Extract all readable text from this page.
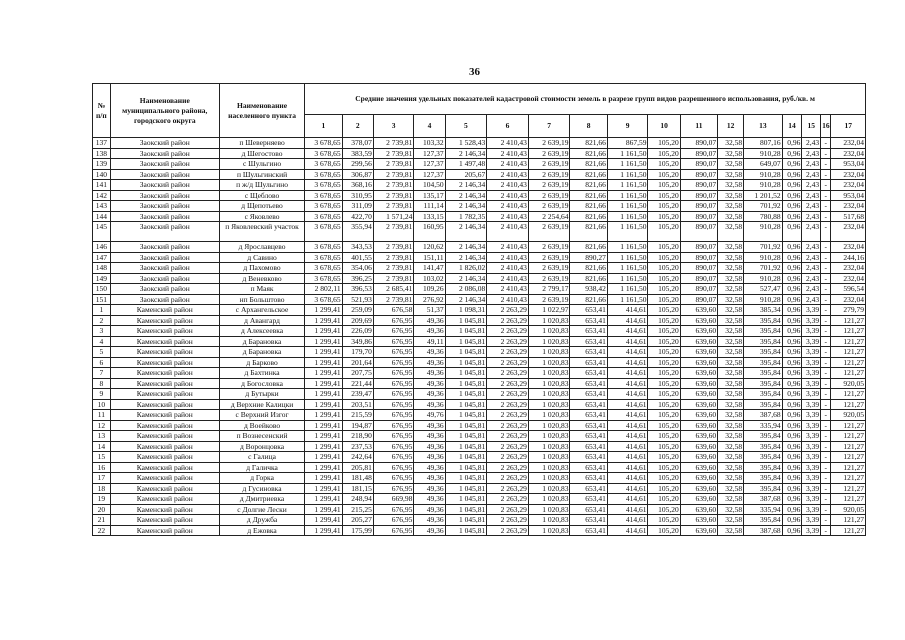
36
№ п/п	Наименование муниципального района, городского округа	Наименование населенного пункта	Средние значения удельных показателей кадастровой стоимости земель в разрезе групп видов разрешенного использования, руб./кв. м																
			1	2	3	4	5	6	7	8	9	10	11	12	13	14	15	16	17
137	Заокский район	п Шеверняево	3 678,65	378,07	2 739,81	103,32	1 528,43	2 410,43	2 639,19	821,66	867,59	105,20	890,07	32,58	807,16	0,96	2,43	-	232,04
138	Заокский район	д Шегостово	3 678,65	383,59	2 739,81	127,37	2 146,34	2 410,43	2 639,19	821,66	1 161,50	105,20	890,07	32,58	910,28	0,96	2,43	-	232,04
139	Заокский район	с Шульгино	3 678,65	299,56	2 739,81	127,37	1 497,48	2 410,43	2 639,19	821,66	1 161,50	105,20	890,07	32,58	649,07	0,96	2,43	-	953,04
140	Заокский район	п Шульгинский	3 678,65	306,87	2 739,81	127,37	205,67	2 410,43	2 639,19	821,66	1 161,50	105,20	890,07	32,58	910,28	0,96	2,43	-	232,04
141	Заокский район	п ж/д Шульгино	3 678,65	368,16	2 739,81	104,50	2 146,34	2 410,43	2 639,19	821,66	1 161,50	105,20	890,07	32,58	910,28	0,96	2,43	-	232,04
142	Заокский район	с Щеблово	3 678,65	310,95	2 739,81	135,17	2 146,34	2 410,43	2 639,19	821,66	1 161,50	105,20	890,07	32,58	1 201,52	0,96	2,43	-	953,04
143	Заокский район	д Щепотьево	3 678,65	311,09	2 739,81	111,14	2 146,34	2 410,43	2 639,19	821,66	1 161,50	105,20	890,07	32,58	701,92	0,96	2,43	-	232,04
144	Заокский район	с Яковлево	3 678,65	422,70	1 571,24	133,15	1 782,35	2 410,43	2 254,64	821,66	1 161,50	105,20	890,07	32,58	780,88	0,96	2,43	-	517,68
145	Заокский район	п Яковлевский участок	3 678,65	355,94	2 739,81	160,95	2 146,34	2 410,43	2 639,19	821,66	1 161,50	105,20	890,07	32,58	910,28	0,96	2,43	-	232,04
146	Заокский район	д Ярославцево	3 678,65	343,53	2 739,81	120,62	2 146,34	2 410,43	2 639,19	821,66	1 161,50	105,20	890,07	32,58	701,92	0,96	2,43	-	232,04
147	Заокский район	д Савино	3 678,65	401,55	2 739,81	151,11	2 146,34	2 410,43	2 639,19	890,27	1 161,50	105,20	890,07	32,58	910,28	0,96	2,43	-	244,16
148	Заокский район	д Пахомово	3 678,65	354,06	2 739,81	141,47	1 826,02	2 410,43	2 639,19	821,66	1 161,50	105,20	890,07	32,58	701,92	0,96	2,43	-	232,04
149	Заокский район	д Веневково	3 678,65	396,25	2 739,81	103,02	2 146,34	2 410,43	2 639,19	821,66	1 161,50	105,20	890,07	32,58	910,28	0,96	2,43	-	232,04
150	Заокский район	п Маяк	2 802,11	396,53	2 685,41	109,26	2 086,08	2 410,43	2 799,17	938,42	1 161,50	105,20	890,07	32,58	527,47	0,96	2,43	-	596,54
151	Заокский район	нп Больштово	3 678,65	521,93	2 739,81	276,92	2 146,34	2 410,43	2 639,19	821,66	1 161,50	105,20	890,07	32,58	910,28	0,96	2,43	-	232,04
1	Каменский район	с Архангельское	1 299,41	259,09	676,58	51,37	1 098,31	2 263,29	1 022,97	653,41	414,61	105,20	639,60	32,58	385,34	0,96	3,39	-	279,79
2	Каменский район	д Авангард	1 299,41	209,69	676,95	49,36	1 045,81	2 263,29	1 020,83	653,41	414,61	105,20	639,60	32,58	395,84	0,96	3,39	-	121,27
3	Каменский район	д Алексеевка	1 299,41	226,09	676,95	49,36	1 045,81	2 263,29	1 020,83	653,41	414,61	105,20	639,60	32,58	395,84	0,96	3,39	-	121,27
4	Каменский район	д Барановка	1 299,41	349,86	676,95	49,11	1 045,81	2 263,29	1 020,83	653,41	414,61	105,20	639,60	32,58	395,84	0,96	3,39	-	121,27
5	Каменский район	д Барановка	1 299,41	179,70	676,95	49,36	1 045,81	2 263,29	1 020,83	653,41	414,61	105,20	639,60	32,58	395,84	0,96	3,39	-	121,27
6	Каменский район	д Барково	1 299,41	201,64	676,95	49,36	1 045,81	2 263,29	1 020,83	653,41	414,61	105,20	639,60	32,58	395,84	0,96	3,39	-	121,27
7	Каменский район	д Бахтинка	1 299,41	207,75	676,95	49,36	1 045,81	2 263,29	1 020,83	653,41	414,61	105,20	639,60	32,58	395,84	0,96	3,39	-	121,27
8	Каменский район	д Богословка	1 299,41	221,44	676,95	49,36	1 045,81	2 263,29	1 020,83	653,41	414,61	105,20	639,60	32,58	395,84	0,96	3,39	-	920,05
9	Каменский район	д Бутырки	1 299,41	239,47	676,95	49,36	1 045,81	2 263,29	1 020,83	653,41	414,61	105,20	639,60	32,58	395,84	0,96	3,39	-	121,27
10	Каменский район	д Верхние Калицки	1 299,41	203,51	676,95	49,36	1 045,81	2 263,29	1 020,83	653,41	414,61	105,20	639,60	32,58	395,84	0,96	3,39	-	121,27
11	Каменский район	с Верхний Изгог	1 299,41	215,59	676,95	49,76	1 045,81	2 263,29	1 020,83	653,41	414,61	105,20	639,60	32,58	387,68	0,96	3,39	-	920,05
12	Каменский район	д Воейково	1 299,41	194,87	676,95	49,36	1 045,81	2 263,29	1 020,83	653,41	414,61	105,20	639,60	32,58	335,94	0,96	3,39	-	121,27
13	Каменский район	п Вознесенский	1 299,41	218,90	676,95	49,36	1 045,81	2 263,29	1 020,83	653,41	414,61	105,20	639,60	32,58	395,84	0,96	3,39	-	121,27
14	Каменский район	д Воронцовка	1 299,41	237,53	676,95	49,36	1 045,81	2 263,29	1 020,83	653,41	414,61	105,20	639,60	32,58	395,84	0,96	3,39	-	121,27
15	Каменский район	с Галица	1 299,41	242,64	676,95	49,36	1 045,81	2 263,29	1 020,83	653,41	414,61	105,20	639,60	32,58	395,84	0,96	3,39	-	121,27
16	Каменский район	д Галичка	1 299,41	205,81	676,95	49,36	1 045,81	2 263,29	1 020,83	653,41	414,61	105,20	639,60	32,58	395,84	0,96	3,39	-	121,27
17	Каменский район	д Горка	1 299,41	181,48	676,95	49,36	1 045,81	2 263,29	1 020,83	653,41	414,61	105,20	639,60	32,58	395,84	0,96	3,39	-	121,27
18	Каменский район	д Гусиновка	1 299,41	181,15	676,95	49,36	1 045,81	2 263,29	1 020,83	653,41	414,61	105,20	639,60	32,58	395,84	0,96	3,39	-	121,27
19	Каменский район	д Дмитриевка	1 299,41	248,94	669,98	49,36	1 045,81	2 263,29	1 020,83	653,41	414,61	105,20	639,60	32,58	387,68	0,96	3,39	-	121,27
20	Каменский район	с Долгие Лески	1 299,41	215,25	676,95	49,36	1 045,81	2 263,29	1 020,83	653,41	414,61	105,20	639,60	32,58	335,94	0,96	3,39	-	920,05
21	Каменский район	д Дружба	1 299,41	205,27	676,95	49,36	1 045,81	2 263,29	1 020,83	653,41	414,61	105,20	639,60	32,58	395,84	0,96	3,39	-	121,27
22	Каменский район	д Ежовка	1 299,41	175,99	676,95	49,36	1 045,81	2 263,29	1 020,83	653,41	414,61	105,20	639,60	32,58	387,68	0,96	3,39	-	121,27
